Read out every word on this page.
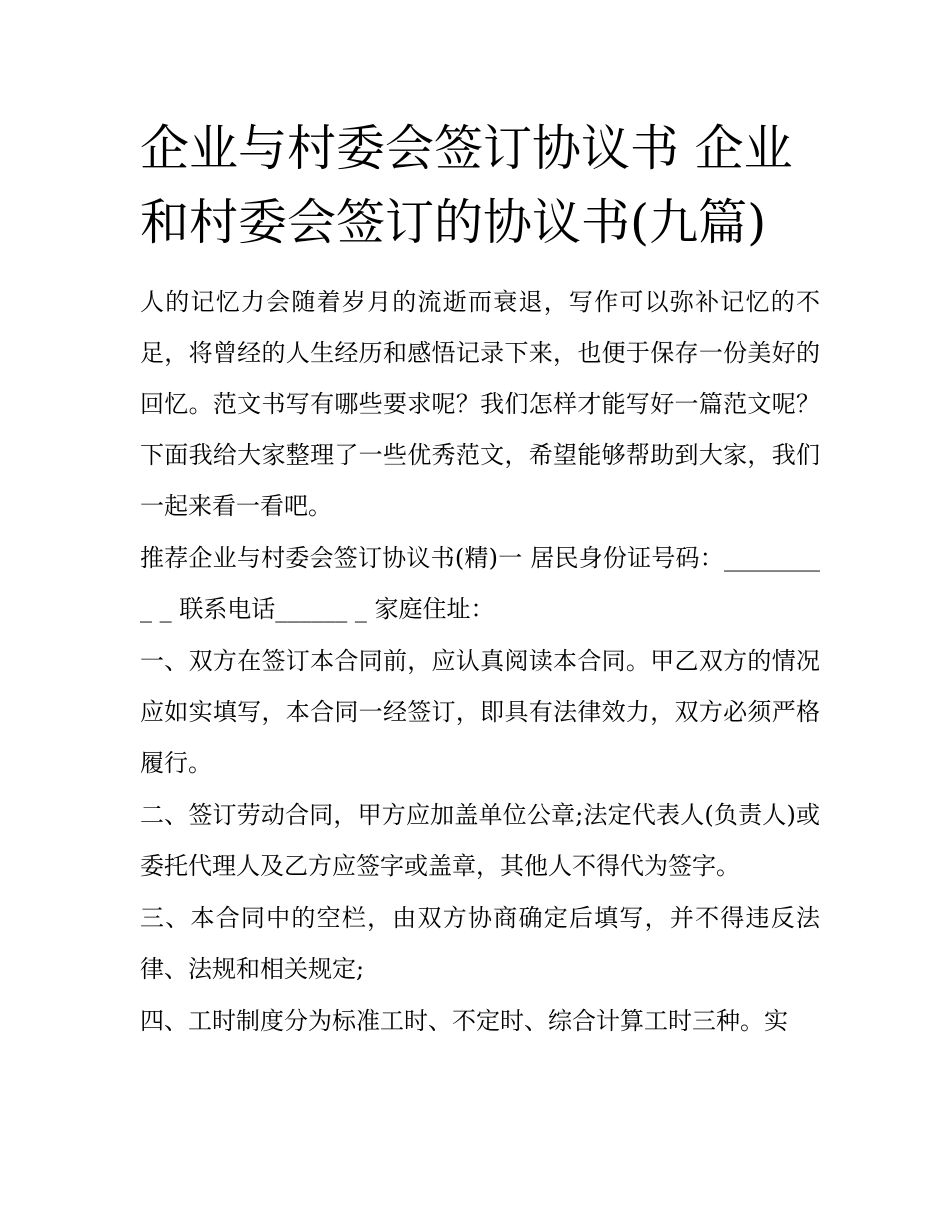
企业与村委会签订协议书 企业和村委会签订的协议书(九篇)

人的记忆力会随着岁月的流逝而衰退，写作可以弥补记忆的不足，将曾经的人生经历和感悟记录下来，也便于保存一份美好的回忆。范文书写有哪些要求呢？我们怎样才能写好一篇范文呢？下面我给大家整理了一些优秀范文，希望能够帮助到大家，我们一起来看一看吧。

推荐企业与村委会签订协议书(精)一 居民身份证号码：_________ _ 联系电话______ _ 家庭住址：

一、双方在签订本合同前，应认真阅读本合同。甲乙双方的情况应如实填写，本合同一经签订，即具有法律效力，双方必须严格履行。

二、签订劳动合同，甲方应加盖单位公章;法定代表人(负责人)或委托代理人及乙方应签字或盖章，其他人不得代为签字。

三、本合同中的空栏，由双方协商确定后填写，并不得违反法律、法规和相关规定;

四、工时制度分为标准工时、不定时、综合计算工时三种。实
